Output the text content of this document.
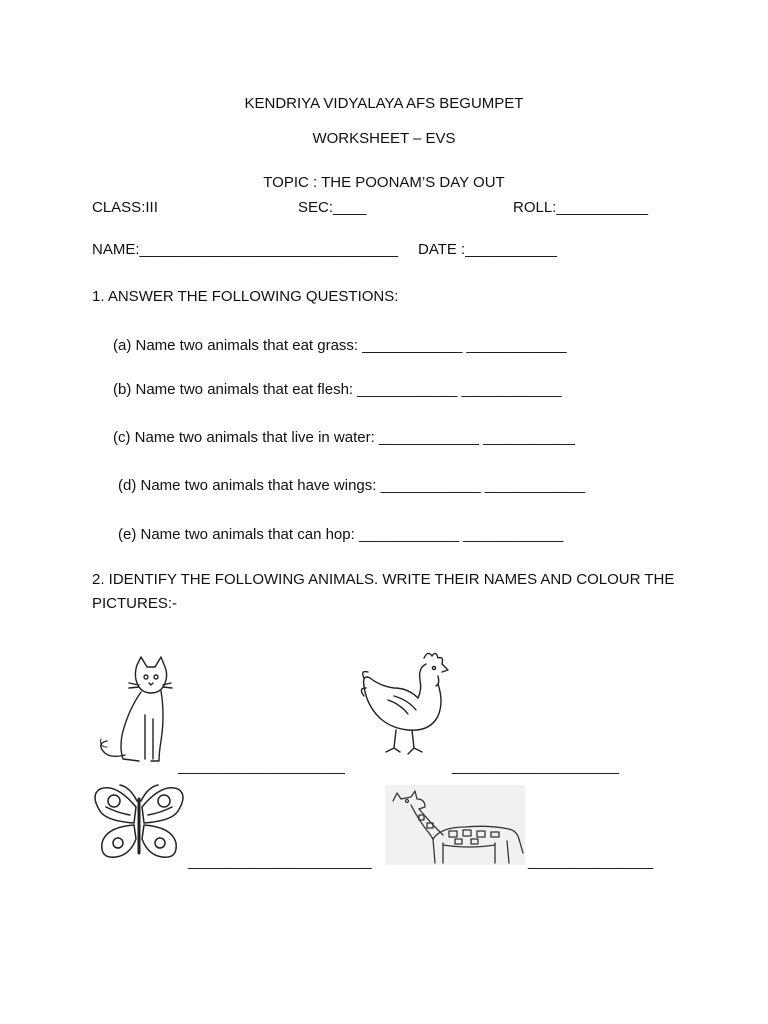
KENDRIYA VIDYALAYA AFS BEGUMPET
WORKSHEET – EVS
TOPIC : THE POONAM’S DAY OUT
CLASS:III	SEC:____	ROLL:___________
NAME:_______________________________ DATE :___________
1. ANSWER THE FOLLOWING QUESTIONS:
(a) Name two animals that eat grass: ____________ ____________
(b) Name two animals that eat flesh: ____________ ____________
(c) Name two animals that live in water: ____________ ___________
(d) Name two animals that have wings: ____________ ____________
(e) Name two animals that can hop: ____________ ____________
2. IDENTIFY THE FOLLOWING ANIMALS. WRITE THEIR NAMES AND COLOUR THE
PICTURES:-
____________________	____________________
______________________	_______________
